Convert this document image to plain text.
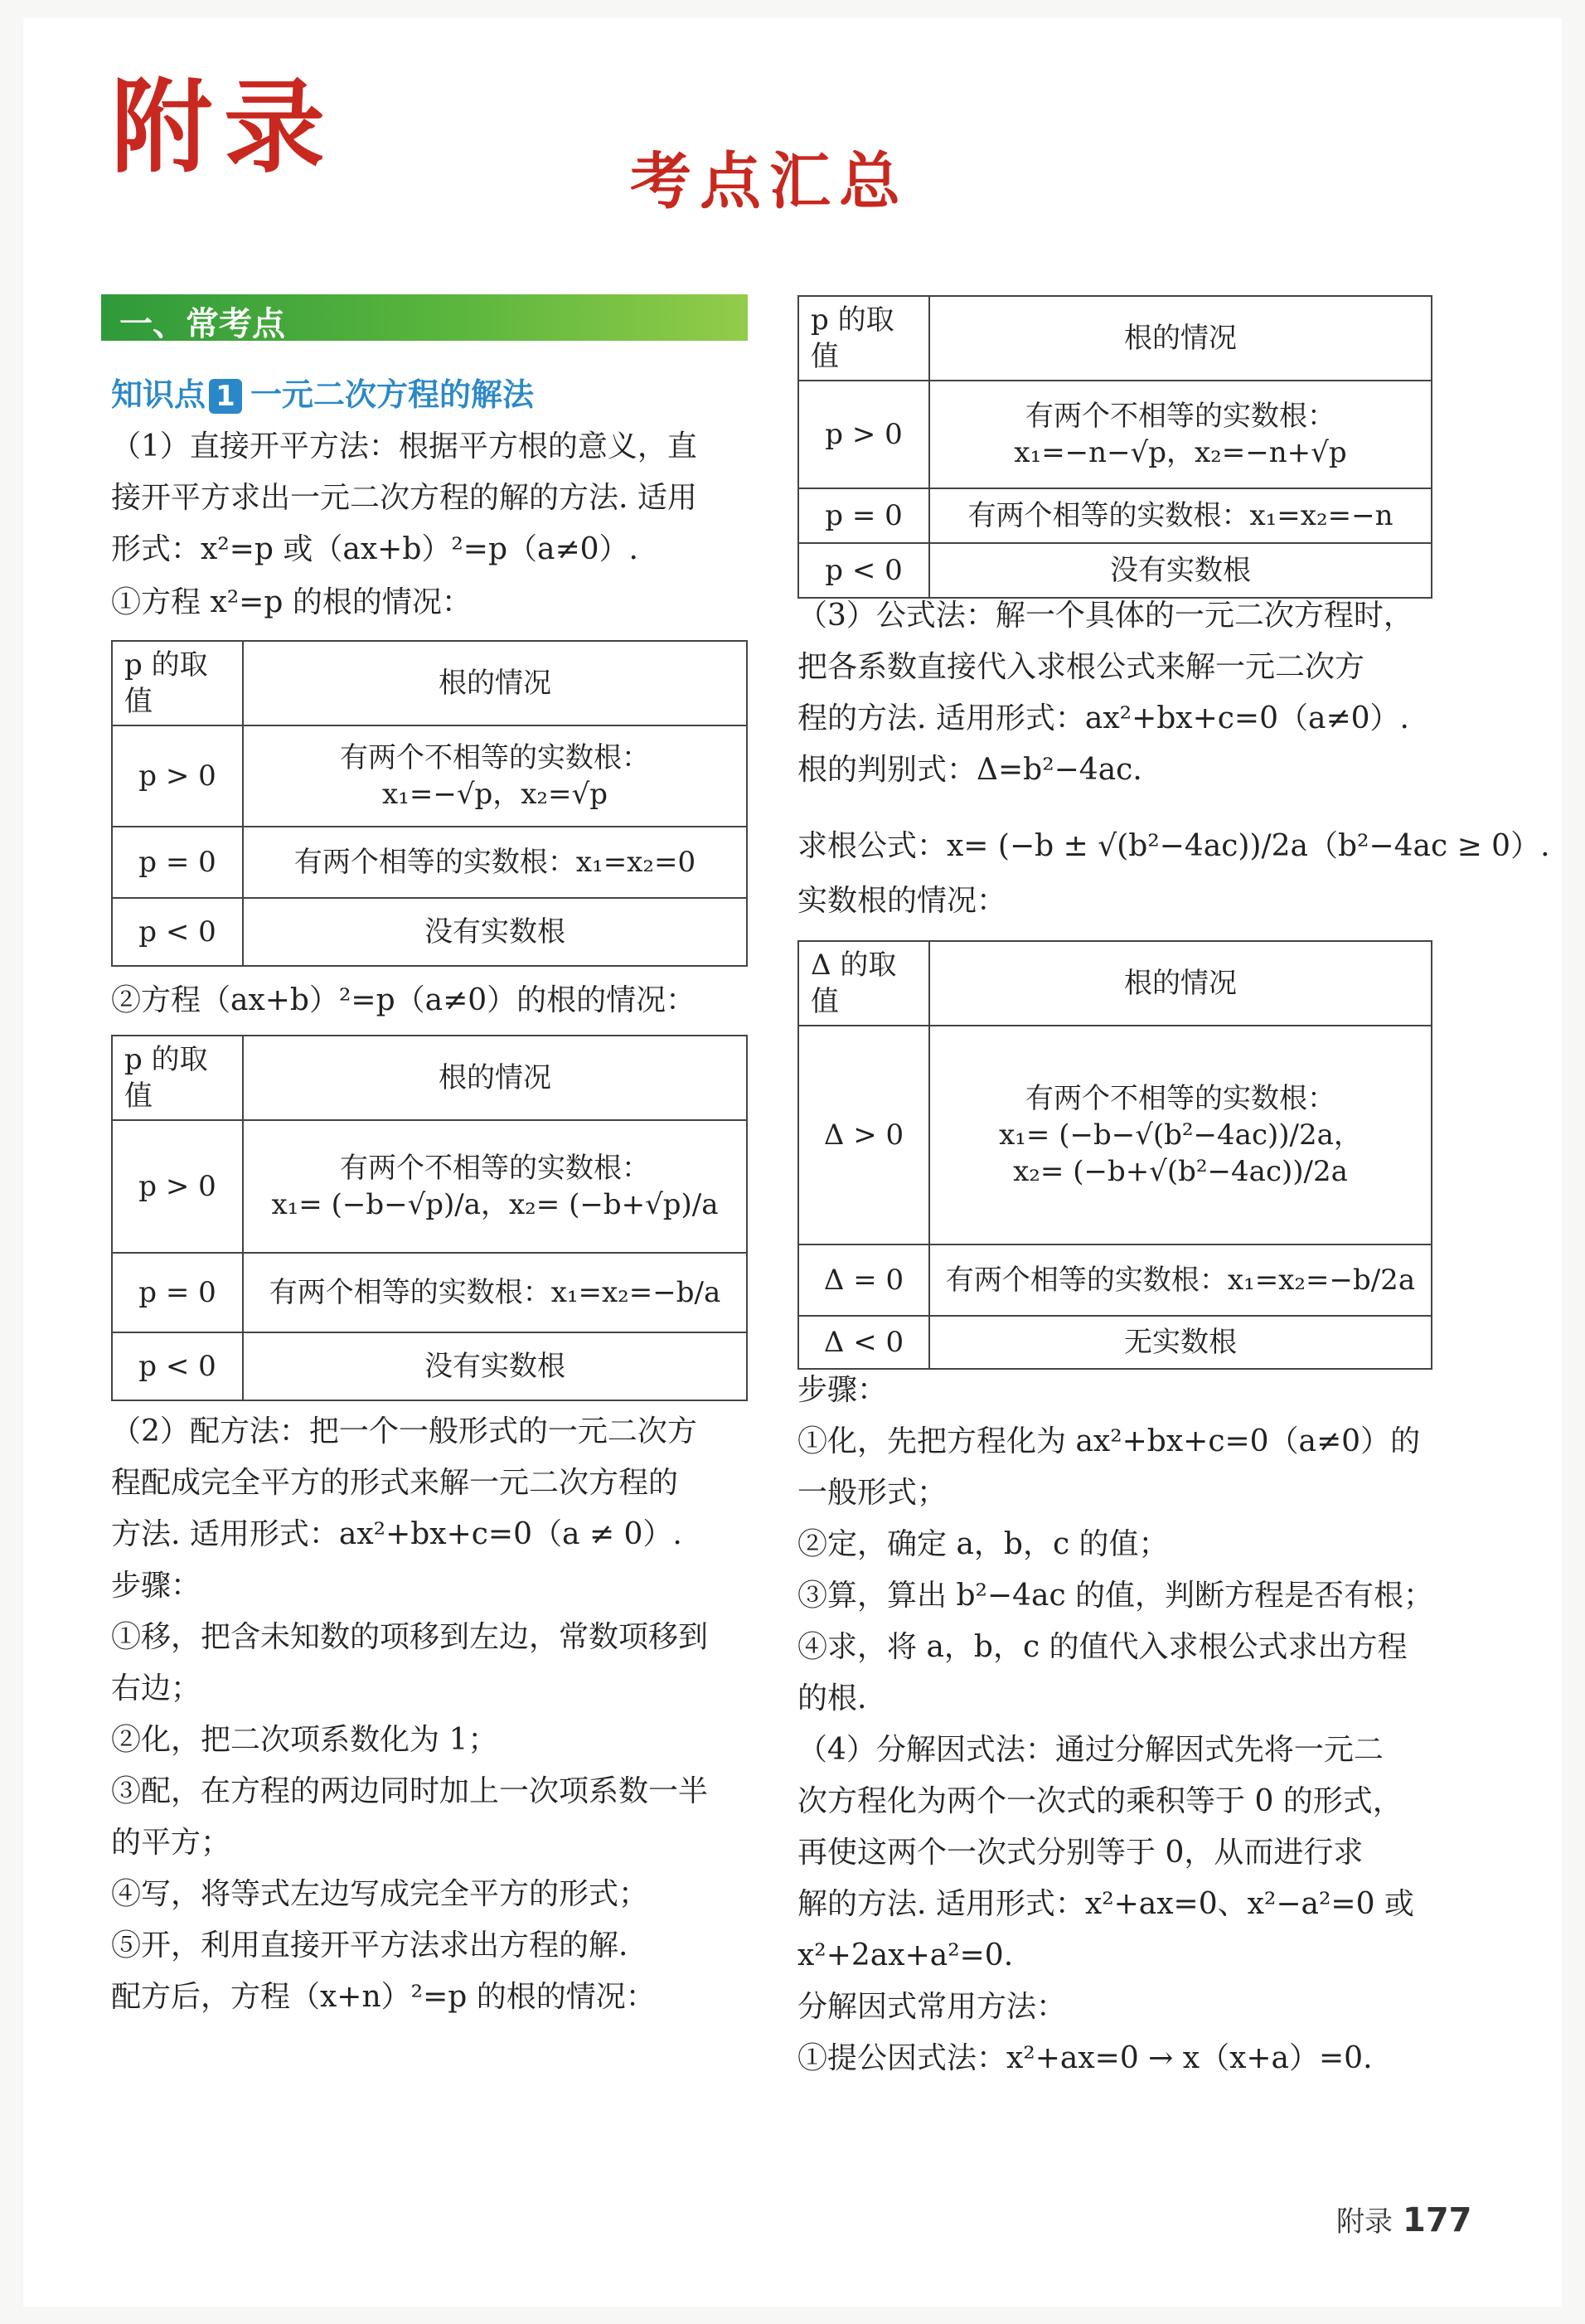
附录	考点汇总
一、常考点
知识点 1 一元二次方程的解法
（1）直接开平方法：根据平方根的意义，直
接开平方求出一元二次方程的解的方法. 适用
形式：x²=p 或（ax+b）²=p（a≠0）.
①方程 x²=p 的根的情况：
p 的取值	根的情况
p > 0	有两个不相等的实数根：
x₁=−√p，x₂=√p

p = 0	有两个相等的实数根：x₁=x₂=0
p < 0	没有实数根
②方程（ax+b）²=p（a≠0）的根的情况：
p 的取值	根的情况
p > 0	有两个不相等的实数根：
x₁= (−b−√p)/a，x₂= (−b+√p)/a

p = 0	有两个相等的实数根：x₁=x₂=−b/a
p < 0	没有实数根
（2）配方法：把一个一般形式的一元二次方
程配成完全平方的形式来解一元二次方程的
方法. 适用形式：ax²+bx+c=0（a ≠ 0）.
步骤：
①移，把含未知数的项移到左边，常数项移到
右边；
②化，把二次项系数化为 1；
③配，在方程的两边同时加上一次项系数一半
的平方；
④写，将等式左边写成完全平方的形式；
⑤开，利用直接开平方法求出方程的解.
配方后，方程（x+n）²=p 的根的情况：
p 的取值	根的情况
p > 0	有两个不相等的实数根：
x₁=−n−√p，x₂=−n+√p

p = 0	有两个相等的实数根：x₁=x₂=−n
p < 0	没有实数根
（3）公式法：解一个具体的一元二次方程时，
把各系数直接代入求根公式来解一元二次方
程的方法. 适用形式：ax²+bx+c=0（a≠0）.
根的判别式：Δ=b²−4ac.
求根公式：x= (−b ± √(b²−4ac))/2a（b²−4ac ≥ 0）.
实数根的情况：
Δ 的取值	根的情况
Δ > 0	有两个不相等的实数根：
x₁= (−b−√(b²−4ac))/2a，
x₂= (−b+√(b²−4ac))/2a

Δ = 0	有两个相等的实数根：x₁=x₂=−b/2a
Δ < 0	无实数根
步骤：
①化，先把方程化为 ax²+bx+c=0（a≠0）的
一般形式；
②定，确定 a，b，c 的值；
③算，算出 b²−4ac 的值，判断方程是否有根；
④求，将 a，b，c 的值代入求根公式求出方程
的根.
（4）分解因式法：通过分解因式先将一元二
次方程化为两个一次式的乘积等于 0 的形式，
再使这两个一次式分别等于 0，从而进行求
解的方法. 适用形式：x²+ax=0、x²−a²=0 或
x²+2ax+a²=0.
分解因式常用方法：
①提公因式法：x²+ax=0 → x（x+a）=0.
附录 177
